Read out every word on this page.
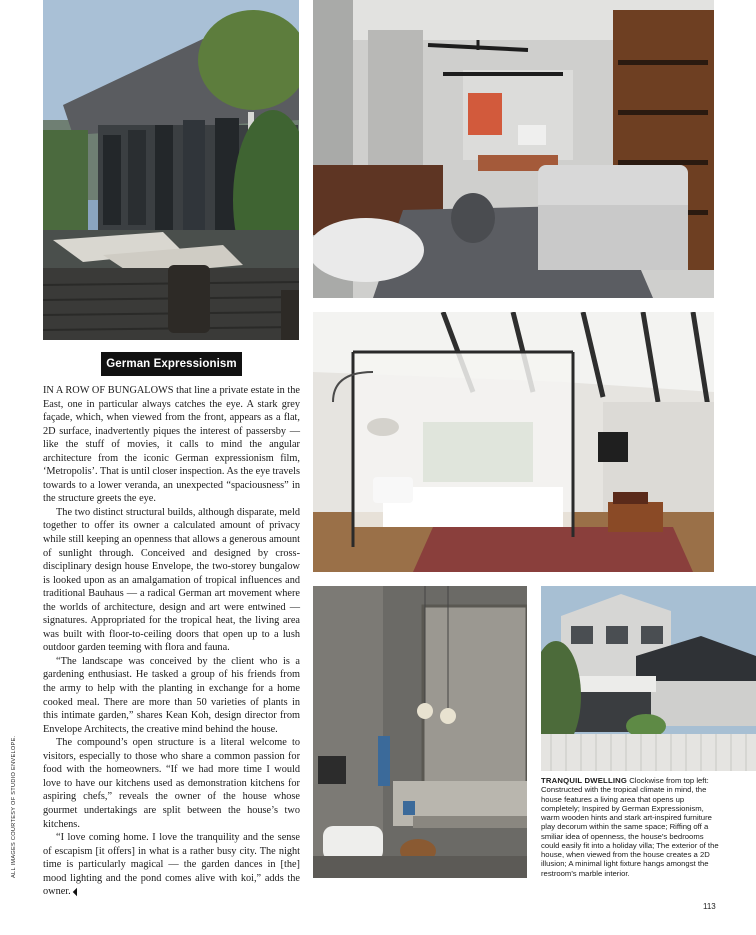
German Expressionism

IN A ROW OF BUNGALOWS that line a private estate in the East, one in particular always catches the eye. A stark grey façade, which, when viewed from the front, appears as a flat, 2D surface, inadvertently piques the interest of passersby — like the stuff of movies, it calls to mind the angular architecture from the iconic German expressionism film, ‘Metropolis’. That is until closer inspection. As the eye travels towards to a lower veranda, an unexpected “spaciousness” in the structure greets the eye.

The two distinct structural builds, although disparate, meld together to offer its owner a calculated amount of privacy while still keeping an openness that allows a generous amount of sunlight through. Conceived and designed by cross-disciplinary design house Envelope, the two-storey bungalow is looked upon as an amalgamation of tropical influences and traditional Bauhaus — a radical German art movement where the worlds of architecture, design and art were entwined — signatures. Appropriated for the tropical heat, the living area was built with floor-to-ceiling doors that open up to a lush outdoor garden teeming with flora and fauna.

“The landscape was conceived by the client who is a gardening enthusiast. He tasked a group of his friends from the army to help with the planting in exchange for a home cooked meal. There are more than 50 varieties of plants in this intimate garden,” shares Kean Koh, design director from Envelope Architects, the creative mind behind the house.

The compound’s open structure is a literal welcome to visitors, especially to those who share a common passion for food with the homeowners. “If we had more time I would love to have our kitchens used as demonstration kitchens for aspiring chefs,” reveals the owner of the house whose gourmet undertakings are split between the house’s two kitchens.

“I love coming home. I love the tranquility and the sense of escapism [it offers] in what is a rather busy city. The night time is particularly magical — the garden dances in [the] mood lighting and the pond comes alive with koi,” adds the owner.

ALL IMAGES COURTESY OF STUDIO ENVELOPE.	TRANQUIL DWELLING Clockwise from top left: Constructed with the tropical climate in mind, the house features a living area that opens up completely; Inspired by German Expressionism, warm wooden hints and stark art-inspired furniture play decorum within the same space; Riffing off a smiliar idea of openness, the house's bedrooms could easily fit into a holiday villa; The exterior of the house, when viewed from the house creates a 2D illusion; A minimal light fixture hangs amongst the restroom's marble interior.
113
